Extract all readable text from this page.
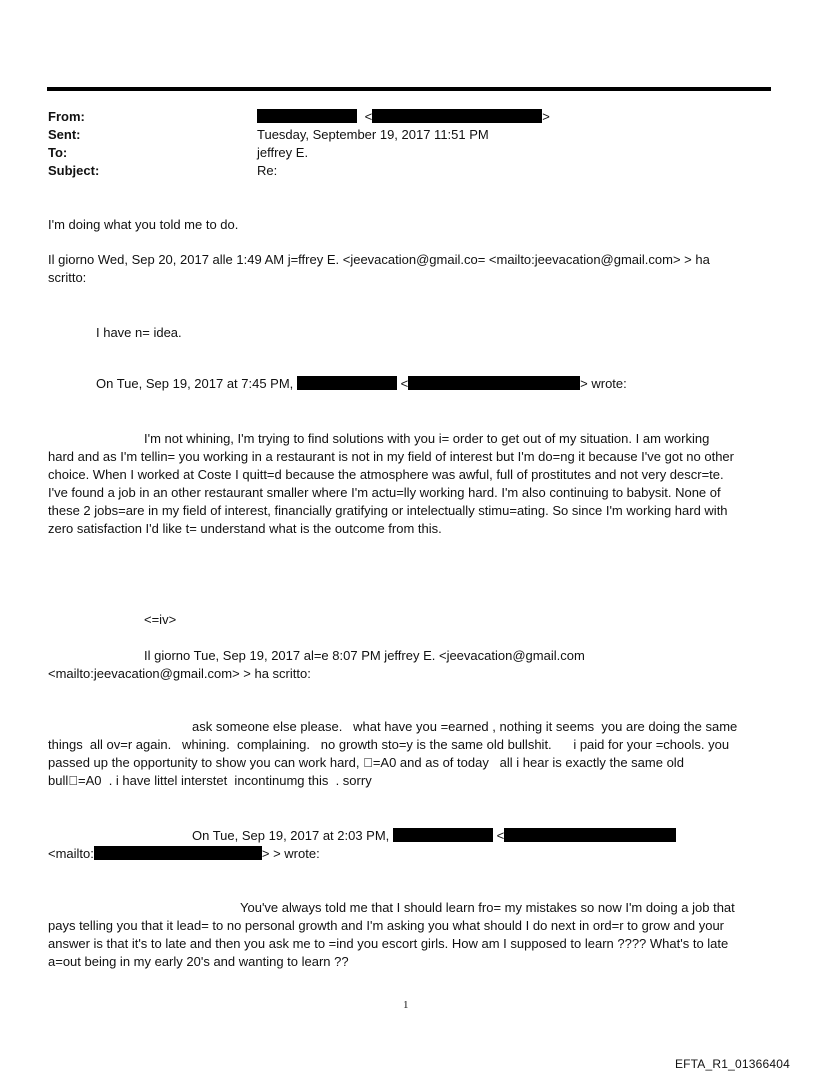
From:	<	>
Sent:	Tuesday, September 19, 2017 11:51 PM
To:	jeffrey E.
Subject:	Re:
I'm doing what you told me to do.
Il giorno Wed, Sep 20, 2017 alle 1:49 AM j=ffrey E. <jeevacation@gmail.co= <mailto:jeevacation@gmail.com> > ha
scritto:
I have n= idea.
On Tue, Sep 19, 2017 at 7:45 PM,	<	> wrote:
I'm not whining, I'm trying to find solutions with you i= order to get out of my situation. I am working
hard and as I'm tellin= you working in a restaurant is not in my field of interest but I'm do=ng it because I've got no other
choice. When I worked at Coste I quitt=d because the atmosphere was awful, full of prostitutes and not very descr=te.
I've found a job in an other restaurant smaller where I'm actu=lly working hard. I'm also continuing to babysit. None of
these 2 jobs=are in my field of interest, financially gratifying or intelectually stimu=ating. So since I'm working hard with
zero satisfaction I'd like t= understand what is the outcome from this.
<=iv>
Il giorno Tue, Sep 19, 2017 al=e 8:07 PM jeffrey E. <jeevacation@gmail.com
<mailto:jeevacation@gmail.com> > ha scritto:
ask someone else please.   what have you =earned , nothing it seems  you are doing the same
things  all ov=r again.   whining.  complaining.   no growth sto=y is the same old bullshit.      i paid for your =chools. you
passed up the opportunity to show you can work hard,  =A0 and as of today   all i hear is exactly the same old
bull =A0  . i have littel interstet  incontinumg this  . sorry
On Tue, Sep 19, 2017 at 2:03 PM,	<
<mailto:	> > wrote:
You've always told me that I should learn fro= my mistakes so now I'm doing a job that
pays telling you that it lead= to no personal growth and I'm asking you what should I do next in ord=r to grow and your
answer is that it's to late and then you ask me to =ind you escort girls. How am I supposed to learn ???? What's to late
a=out being in my early 20's and wanting to learn ??
1
EFTA_R1_01366404
